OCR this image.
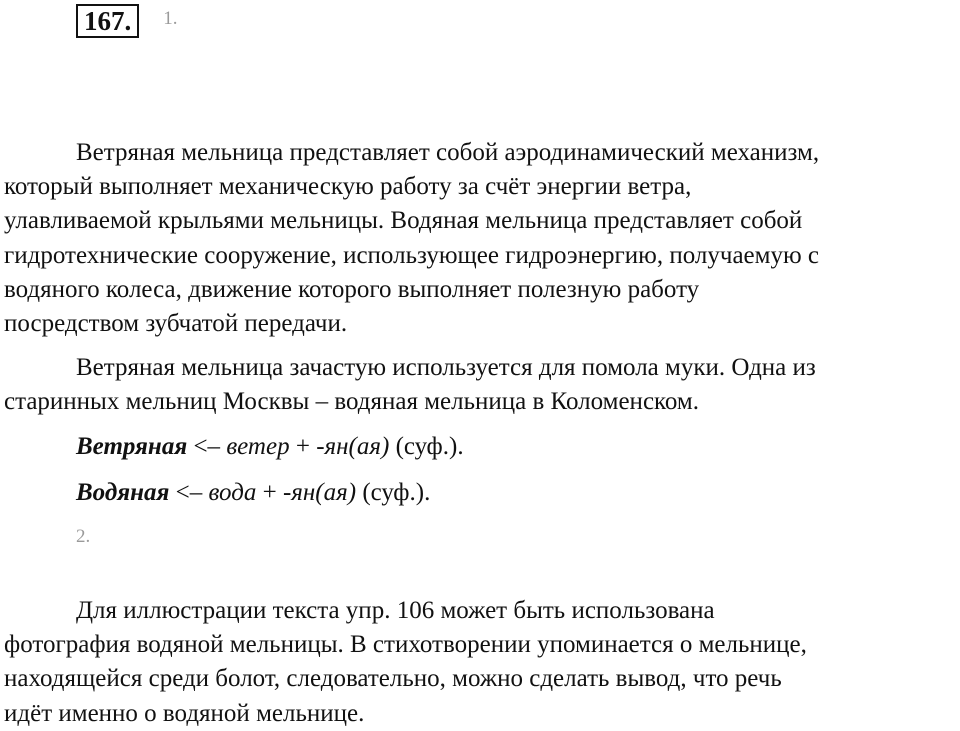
167.	1.
Ветряная мельница представляет собой аэродинамический механизм,
который выполняет механическую работу за счёт энергии ветра,
улавливаемой крыльями мельницы. Водяная мельница представляет собой
гидротехнические сооружение, использующее гидроэнергию, получаемую с
водяного колеса, движение которого выполняет полезную работу
посредством зубчатой передачи.
Ветряная мельница зачастую используется для помола муки. Одна из
старинных мельниц Москвы – водяная мельница в Коломенском.
Ветряная <– ветер + -ян(ая) (суф.).
Водяная <– вода + -ян(ая) (суф.).
2.
Для иллюстрации текста упр. 106 может быть использована
фотография водяной мельницы. В стихотворении упоминается о мельнице,
находящейся среди болот, следовательно, можно сделать вывод, что речь
идёт именно о водяной мельнице.
